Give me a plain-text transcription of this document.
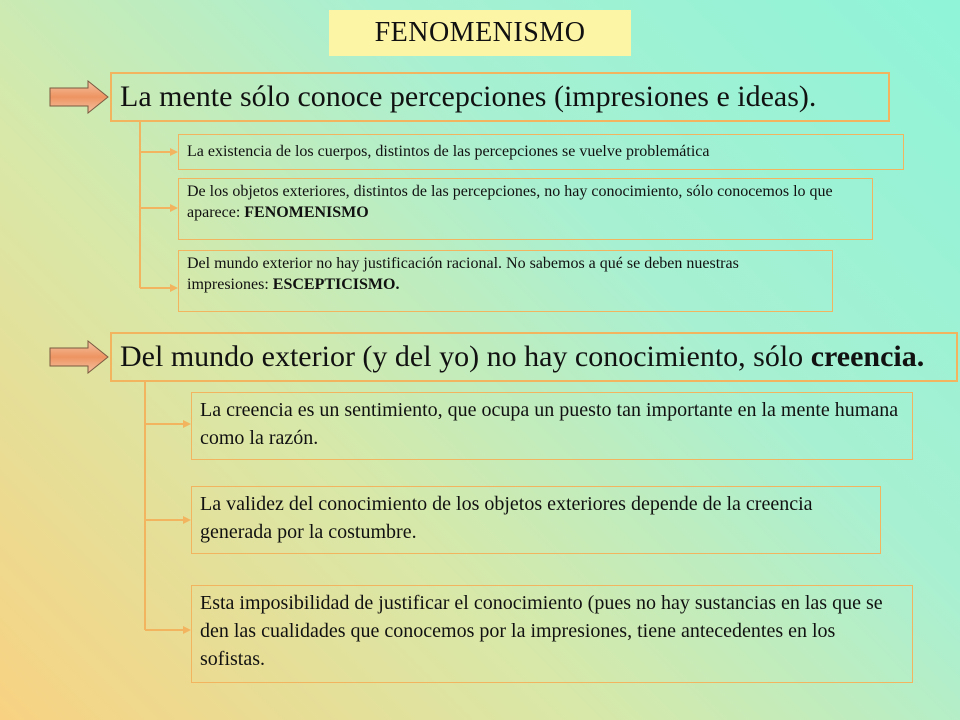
FENOMENISMO
La mente sólo conoce percepciones (impresiones e ideas).
La existencia de los cuerpos, distintos de las percepciones se vuelve problemática
De los objetos exteriores, distintos de las percepciones, no hay conocimiento, sólo conocemos lo que aparece: FENOMENISMO
Del mundo exterior no hay justificación racional. No sabemos a qué se deben nuestras impresiones: ESCEPTICISMO.
Del mundo exterior (y del yo) no hay conocimiento, sólo
creencia.
La creencia es un sentimiento, que ocupa un puesto tan importante en la mente humana como la razón.
La validez del conocimiento de los objetos exteriores depende de la creencia generada por la costumbre.
Esta imposibilidad de justificar el conocimiento (pues no hay sustancias en las que se den las cualidades que conocemos por la impresiones, tiene antecedentes en los sofistas.
